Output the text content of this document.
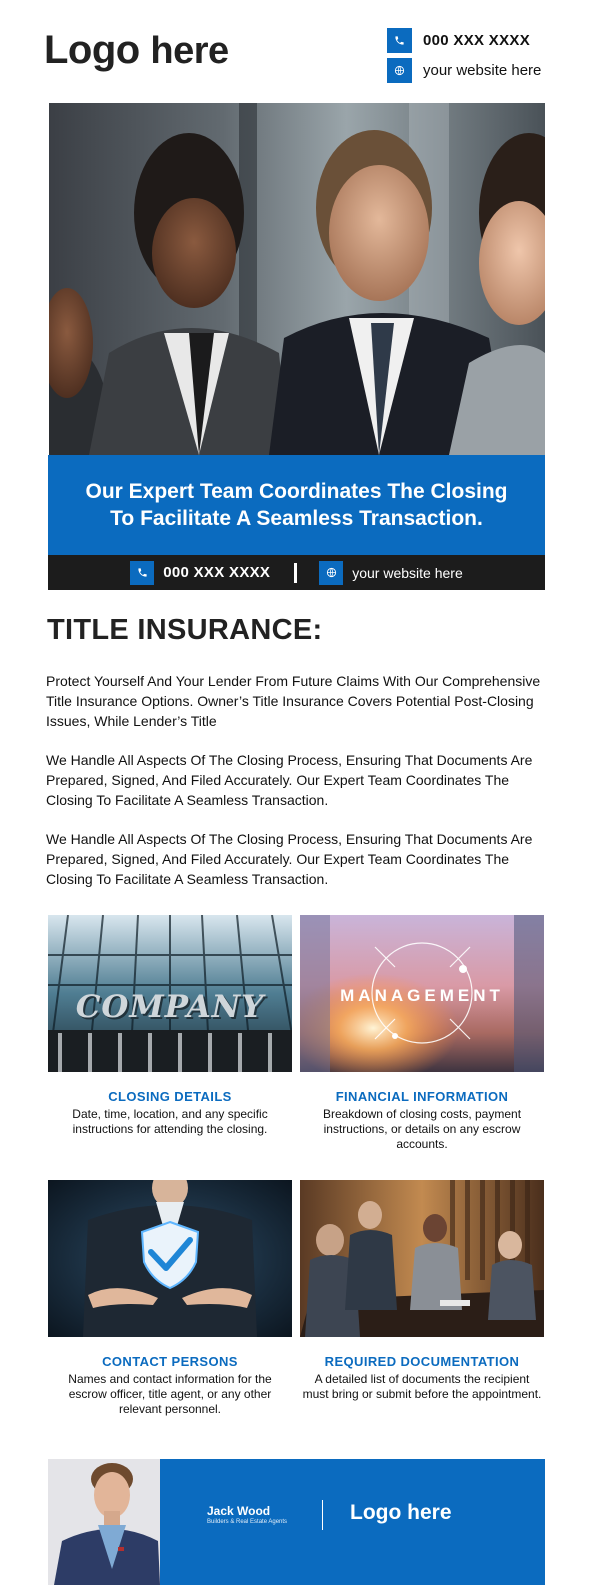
Logo here	000 XXX XXXX
your website here
Our Expert Team Coordinates The Closing
To Facilitate A Seamless Transaction.
000 XXX XXXX	your website here
TITLE INSURANCE:
Protect Yourself And Your Lender From Future Claims With Our Comprehensive Title Insurance Options. Owner’s Title Insurance Covers Potential Post-Closing Issues, While Lender’s Title
We Handle All Aspects Of The Closing Process, Ensuring That Documents Are Prepared, Signed, And Filed Accurately. Our Expert Team Coordinates The Closing To Facilitate A Seamless Transaction.
We Handle All Aspects Of The Closing Process, Ensuring That Documents Are Prepared, Signed, And Filed Accurately. Our Expert Team Coordinates The Closing To Facilitate A Seamless Transaction.
COMPANY	MANAGEMENT
CLOSING DETAILS
Date, time, location, and any specific instructions for attending the closing.
FINANCIAL INFORMATION
Breakdown of closing costs, payment instructions, or details on any escrow accounts.
CONTACT PERSONS
Names and contact information for the escrow officer, title agent, or any other relevant personnel.
REQUIRED DOCUMENTATION
A detailed list of documents the recipient must bring or submit before the appointment.
Jack Wood
Builders & Real Estate Agents	Logo here
